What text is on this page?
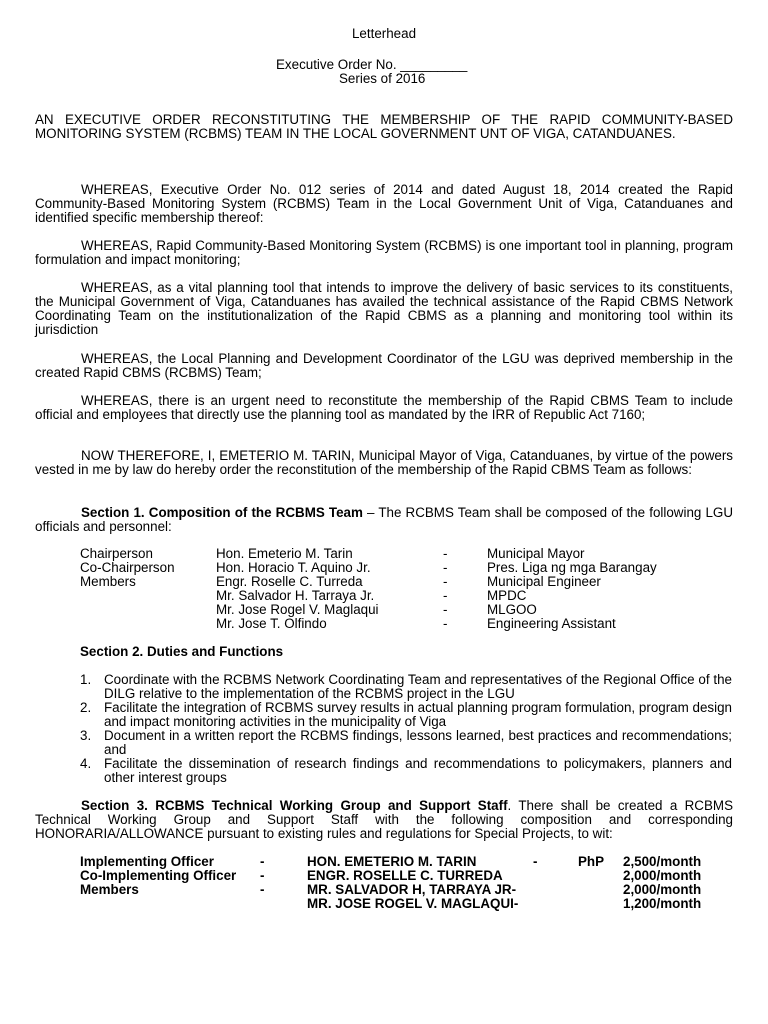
Letterhead
Executive Order No. _________
Series of 2016

AN EXECUTIVE ORDER RECONSTITUTING THE MEMBERSHIP OF THE RAPID COMMUNITY-BASED MONITORING SYSTEM (RCBMS) TEAM IN THE LOCAL GOVERNMENT UNT OF VIGA, CATANDUANES.

WHEREAS, Executive Order No. 012 series of 2014 and dated August 18, 2014 created the Rapid Community-Based Monitoring System (RCBMS) Team in the Local Government Unit of Viga, Catanduanes and identified specific membership thereof:

WHEREAS, Rapid Community-Based Monitoring System (RCBMS) is one important tool in planning, program formulation and impact monitoring;

WHEREAS, as a vital planning tool that intends to improve the delivery of basic services to its constituents, the Municipal Government of Viga, Catanduanes has availed the technical assistance of the Rapid CBMS Network Coordinating Team on the institutionalization of the Rapid CBMS as a planning and monitoring tool within its jurisdiction

WHEREAS, the Local Planning and Development Coordinator of the LGU was deprived membership in the created Rapid CBMS (RCBMS) Team;

WHEREAS, there is an urgent need to reconstitute the membership of the Rapid CBMS Team to include official and employees that directly use the planning tool as mandated by the IRR of Republic Act 7160;

NOW THEREFORE, I, EMETERIO M. TARIN, Municipal Mayor of Viga, Catanduanes, by virtue of the powers vested in me by law do hereby order the reconstitution of the membership of the Rapid CBMS Team as follows:

Section 1. Composition of the RCBMS Team – The RCBMS Team shall be composed of the following LGU officials and personnel:

Chairperson	Hon. Emeterio M. Tarin	-	Municipal Mayor
Co-Chairperson	Hon. Horacio T. Aquino Jr.	-	Pres. Liga ng mga Barangay
Members	Engr. Roselle C. Turreda	-	Municipal Engineer
Mr. Salvador H. Tarraya Jr.	-	MPDC
Mr. Jose Rogel V. Maglaqui	-	MLGOO
Mr. Jose T. Olfindo	-	Engineering Assistant
Section 2. Duties and Functions
1. Coordinate with the RCBMS Network Coordinating Team and representatives of the Regional Office of the DILG relative to the implementation of the RCBMS project in the LGU
2. Facilitate the integration of RCBMS survey results in actual planning program formulation, program design and impact monitoring activities in the municipality of Viga
3. Document in a written report the RCBMS findings, lessons learned, best practices and recommendations; and
4. Facilitate the dissemination of research findings and recommendations to policymakers, planners and other interest groups

Section 3. RCBMS Technical Working Group and Support Staff. There shall be created a RCBMS Technical Working Group and Support Staff with the following composition and corresponding HONORARIA/ALLOWANCE pursuant to existing rules and regulations for Special Projects, to wit:

Implementing Officer	-	HON. EMETERIO M. TARIN	-	PhP 2,500/month
Co-Implementing Officer -	ENGR. ROSELLE C. TURREDA	2,000/month
Members	-	MR. SALVADOR H, TARRAYA JR-	2,000/month
MR. JOSE ROGEL V. MAGLAQUI-	1,200/month
